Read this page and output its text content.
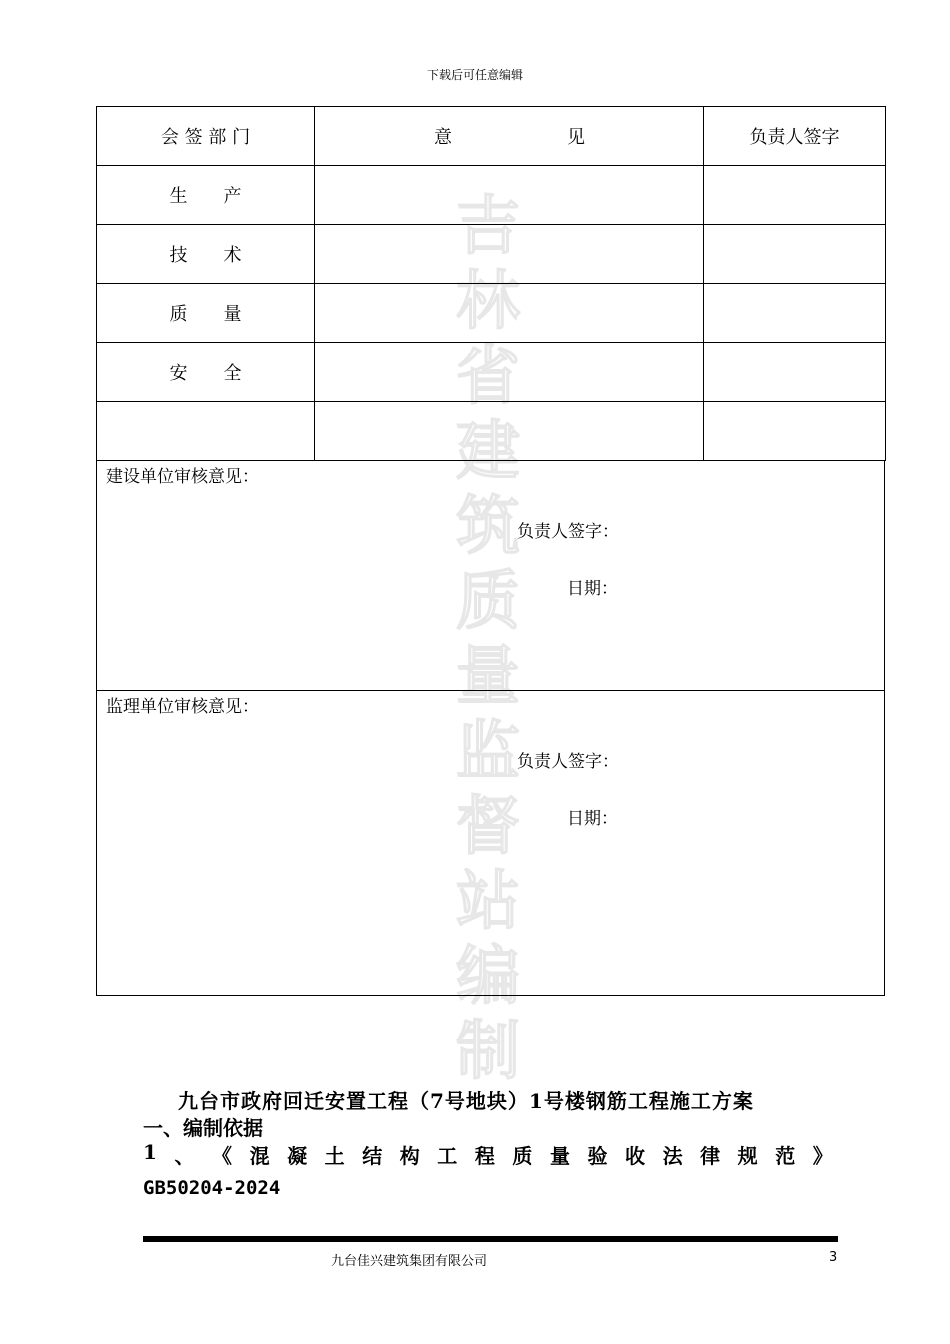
下载后可任意编辑
吉
林
省
建
筑
质
量
监
督
站
编
制
会 签 部 门	意 见	负责人签字
生　　产		
技　　术		
质　　量		
安　　全		

建设单位审核意见：
负责人签字：
日期：
监理单位审核意见：
负责人签字：
日期：
九台市政府回迁安置工程（7号地块）1号楼钢筋工程施工方案
一、编制依据
1 、 《 混 凝 土 结 构 工 程 质 量 验 收 法 律 规 范 》
GB50204-2024
九台佳兴建筑集团有限公司	3
